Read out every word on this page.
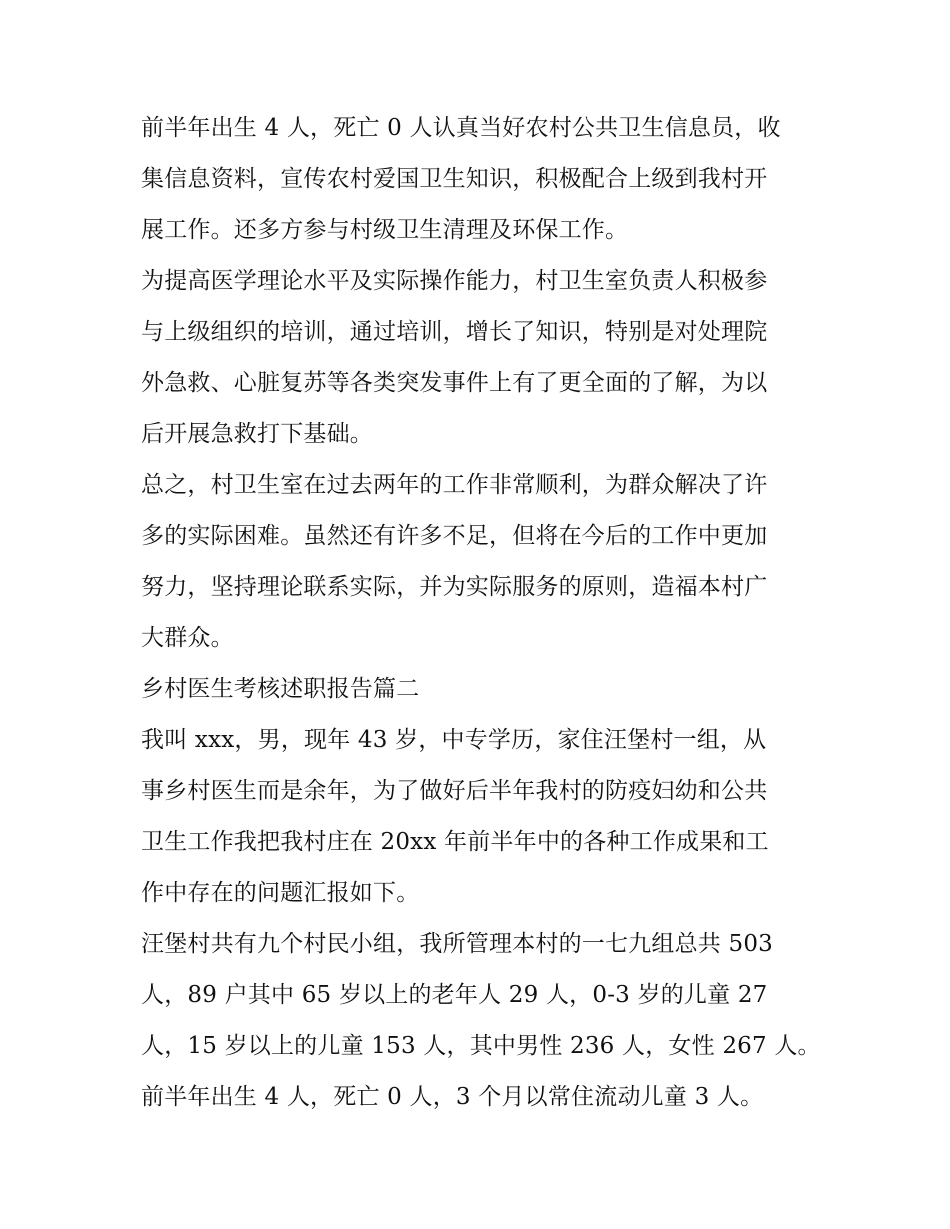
前半年出生 4 人，死亡 0 人认真当好农村公共卫生信息员，收
集信息资料，宣传农村爱国卫生知识，积极配合上级到我村开
展工作。还多方参与村级卫生清理及环保工作。
为提高医学理论水平及实际操作能力，村卫生室负责人积极参
与上级组织的培训，通过培训，增长了知识，特别是对处理院
外急救、心脏复苏等各类突发事件上有了更全面的了解，为以
后开展急救打下基础。
总之，村卫生室在过去两年的工作非常顺利，为群众解决了许
多的实际困难。虽然还有许多不足，但将在今后的工作中更加
努力，坚持理论联系实际，并为实际服务的原则，造福本村广
大群众。
乡村医生考核述职报告篇二
我叫 xxx，男，现年 43 岁，中专学历，家住汪堡村一组，从
事乡村医生而是余年，为了做好后半年我村的防疫妇幼和公共
卫生工作我把我村庄在 20xx 年前半年中的各种工作成果和工
作中存在的问题汇报如下。
汪堡村共有九个村民小组，我所管理本村的一七九组总共 503
人，89 户其中 65 岁以上的老年人 29 人，0-3 岁的儿童 27
人，15 岁以上的儿童 153 人，其中男性 236 人，女性 267 人。
前半年出生 4 人，死亡 0 人，3 个月以常住流动儿童 3 人。
